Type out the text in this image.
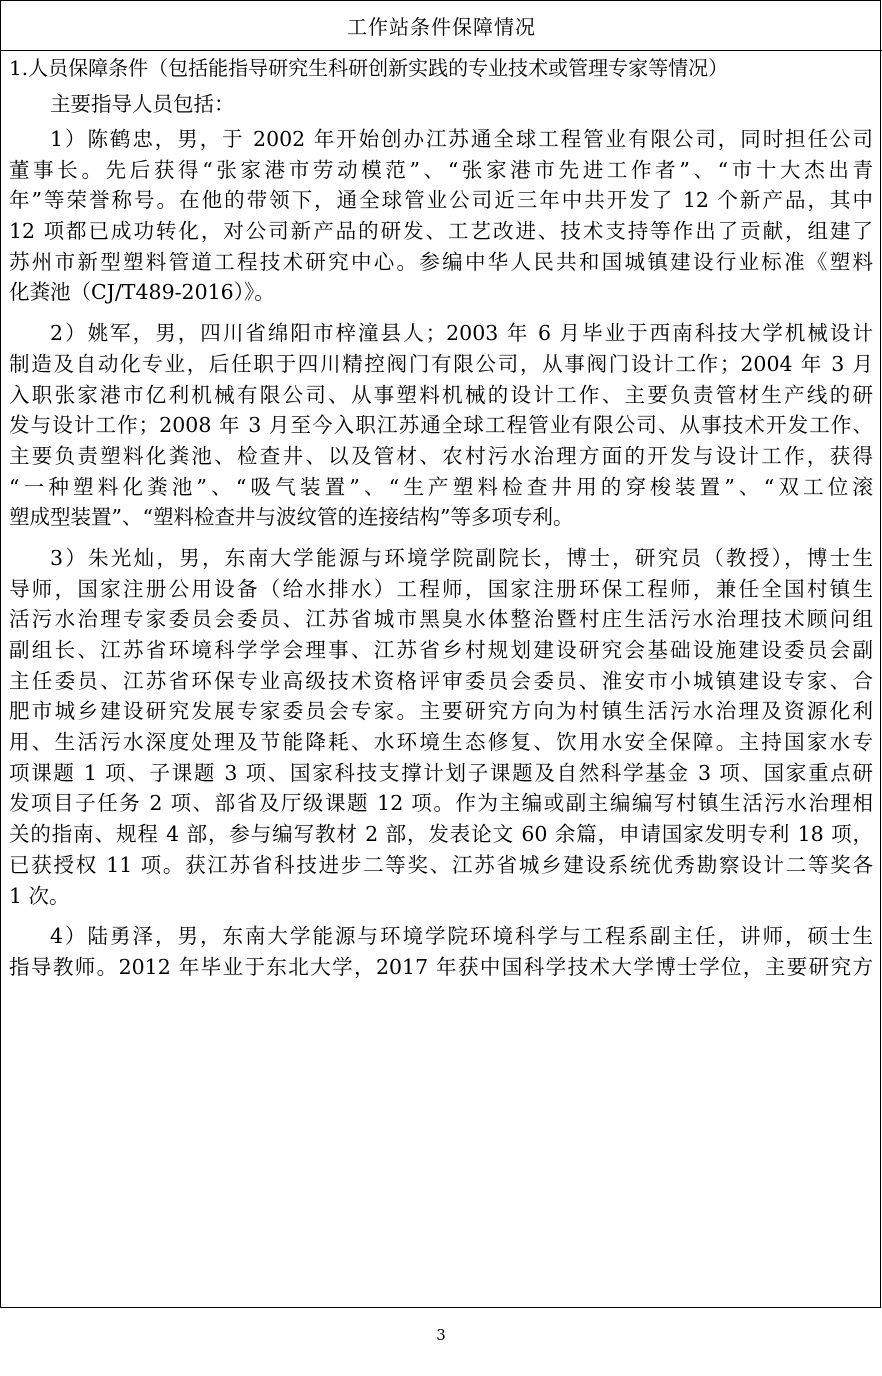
工作站条件保障情况
1.人员保障条件（包括能指导研究生科研创新实践的专业技术或管理专家等情况）
主要指导人员包括：
1）陈鹤忠，男，于 2002 年开始创办江苏通全球工程管业有限公司，同时担任公司
董事长。先后获得“张家港市劳动模范”、“张家港市先进工作者”、“市十大杰出青
年”等荣誉称号。在他的带领下，通全球管业公司近三年中共开发了 12 个新产品，其中
12 项都已成功转化，对公司新产品的研发、工艺改进、技术支持等作出了贡献，组建了
苏州市新型塑料管道工程技术研究中心。参编中华人民共和国城镇建设行业标准《塑料
化粪池（CJ/T489-2016）》。
2）姚军，男，四川省绵阳市梓潼县人；2003 年 6 月毕业于西南科技大学机械设计
制造及自动化专业，后任职于四川精控阀门有限公司，从事阀门设计工作；2004 年 3 月
入职张家港市亿利机械有限公司、从事塑料机械的设计工作、主要负责管材生产线的研
发与设计工作；2008 年 3 月至今入职江苏通全球工程管业有限公司、从事技术开发工作、
主要负责塑料化粪池、检查井、以及管材、农村污水治理方面的开发与设计工作，获得
“一种塑料化粪池”、“吸气装置”、“生产塑料检查井用的穿梭装置”、“双工位滚
塑成型装置”、“塑料检查井与波纹管的连接结构”等多项专利。
3）朱光灿，男，东南大学能源与环境学院副院长，博士，研究员（教授），博士生
导师，国家注册公用设备（给水排水）工程师，国家注册环保工程师，兼任全国村镇生
活污水治理专家委员会委员、江苏省城市黑臭水体整治暨村庄生活污水治理技术顾问组
副组长、江苏省环境科学学会理事、江苏省乡村规划建设研究会基础设施建设委员会副
主任委员、江苏省环保专业高级技术资格评审委员会委员、淮安市小城镇建设专家、合
肥市城乡建设研究发展专家委员会专家。主要研究方向为村镇生活污水治理及资源化利
用、生活污水深度处理及节能降耗、水环境生态修复、饮用水安全保障。主持国家水专
项课题 1 项、子课题 3 项、国家科技支撑计划子课题及自然科学基金 3 项、国家重点研
发项目子任务 2 项、部省及厅级课题 12 项。作为主编或副主编编写村镇生活污水治理相
关的指南、规程 4 部，参与编写教材 2 部，发表论文 60 余篇，申请国家发明专利 18 项，
已获授权 11 项。获江苏省科技进步二等奖、江苏省城乡建设系统优秀勘察设计二等奖各
1 次。
4）陆勇泽，男，东南大学能源与环境学院环境科学与工程系副主任，讲师，硕士生
指导教师。2012 年毕业于东北大学，2017 年获中国科学技术大学博士学位，主要研究方
3
